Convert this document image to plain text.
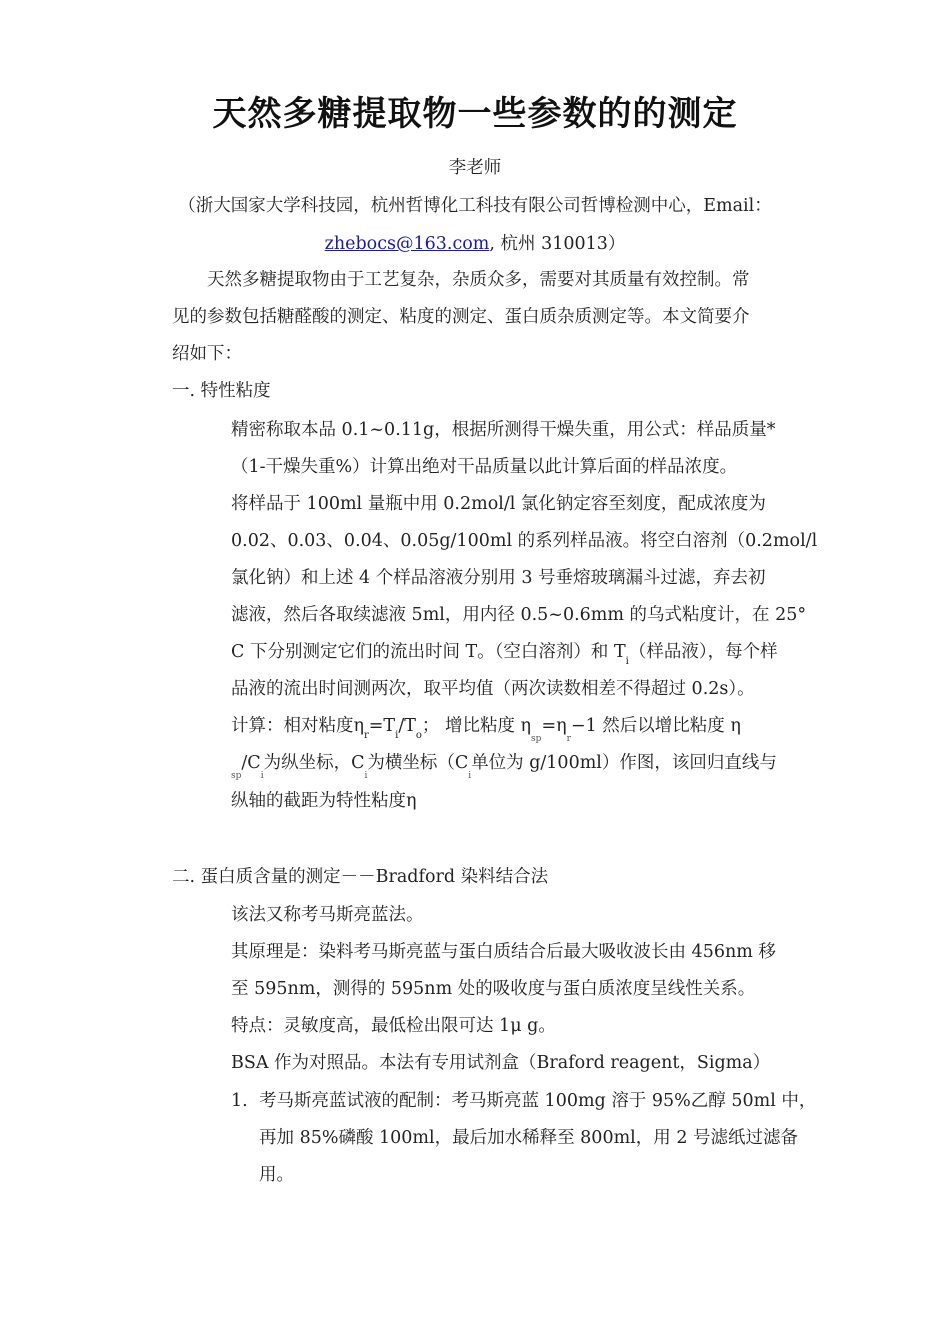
天然多糖提取物一些参数的的测定
李老师
（浙大国家大学科技园，杭州哲博化工科技有限公司哲博检测中心，Email：
zhebocs@163.com, 杭州 310013）
天然多糖提取物由于工艺复杂，杂质众多，需要对其质量有效控制。常
见的参数包括糖醛酸的测定、粘度的测定、蛋白质杂质测定等。本文简要介
绍如下：
一. 特性粘度
精密称取本品 0.1~0.11g，根据所测得干燥失重，用公式：样品质量*
（1-干燥失重%）计算出绝对干品质量以此计算后面的样品浓度。
将样品于 100ml 量瓶中用 0.2mol/l 氯化钠定容至刻度，配成浓度为
0.02、0.03、0.04、0.05g/100ml 的系列样品液。将空白溶剂（0.2mol/l
氯化钠）和上述 4 个样品溶液分别用 3 号垂熔玻璃漏斗过滤，弃去初
滤液，然后各取续滤液 5ml，用内径 0.5~0.6mm 的乌式粘度计，在 25°
C 下分别测定它们的流出时间 T。（空白溶剂）和 $T_i$（样品液），每个样
品液的流出时间测两次，取平均值（两次读数相差不得超过 0.2s）。
计算：相对粘度$\eta_r=T_i/T_o$； 增比粘度 $\eta_{sp}=\eta_r-1$ 然后以增比粘度 η
$_{sp}/C_i$为纵坐标，$C_i$为横坐标（$C_i$单位为 g/100ml）作图，该回归直线与
纵轴的截距为特性粘度η
二. 蛋白质含量的测定－－Bradford 染料结合法
该法又称考马斯亮蓝法。
其原理是：染料考马斯亮蓝与蛋白质结合后最大吸收波长由 456nm 移
至 595nm，测得的 595nm 处的吸收度与蛋白质浓度呈线性关系。
特点：灵敏度高，最低检出限可达 1μ g。
BSA 作为对照品。本法有专用试剂盒（Braford reagent，Sigma）
1. 考马斯亮蓝试液的配制：考马斯亮蓝 100mg 溶于 95%乙醇 50ml 中，
再加 85%磷酸 100ml，最后加水稀释至 800ml，用 2 号滤纸过滤备
用。
